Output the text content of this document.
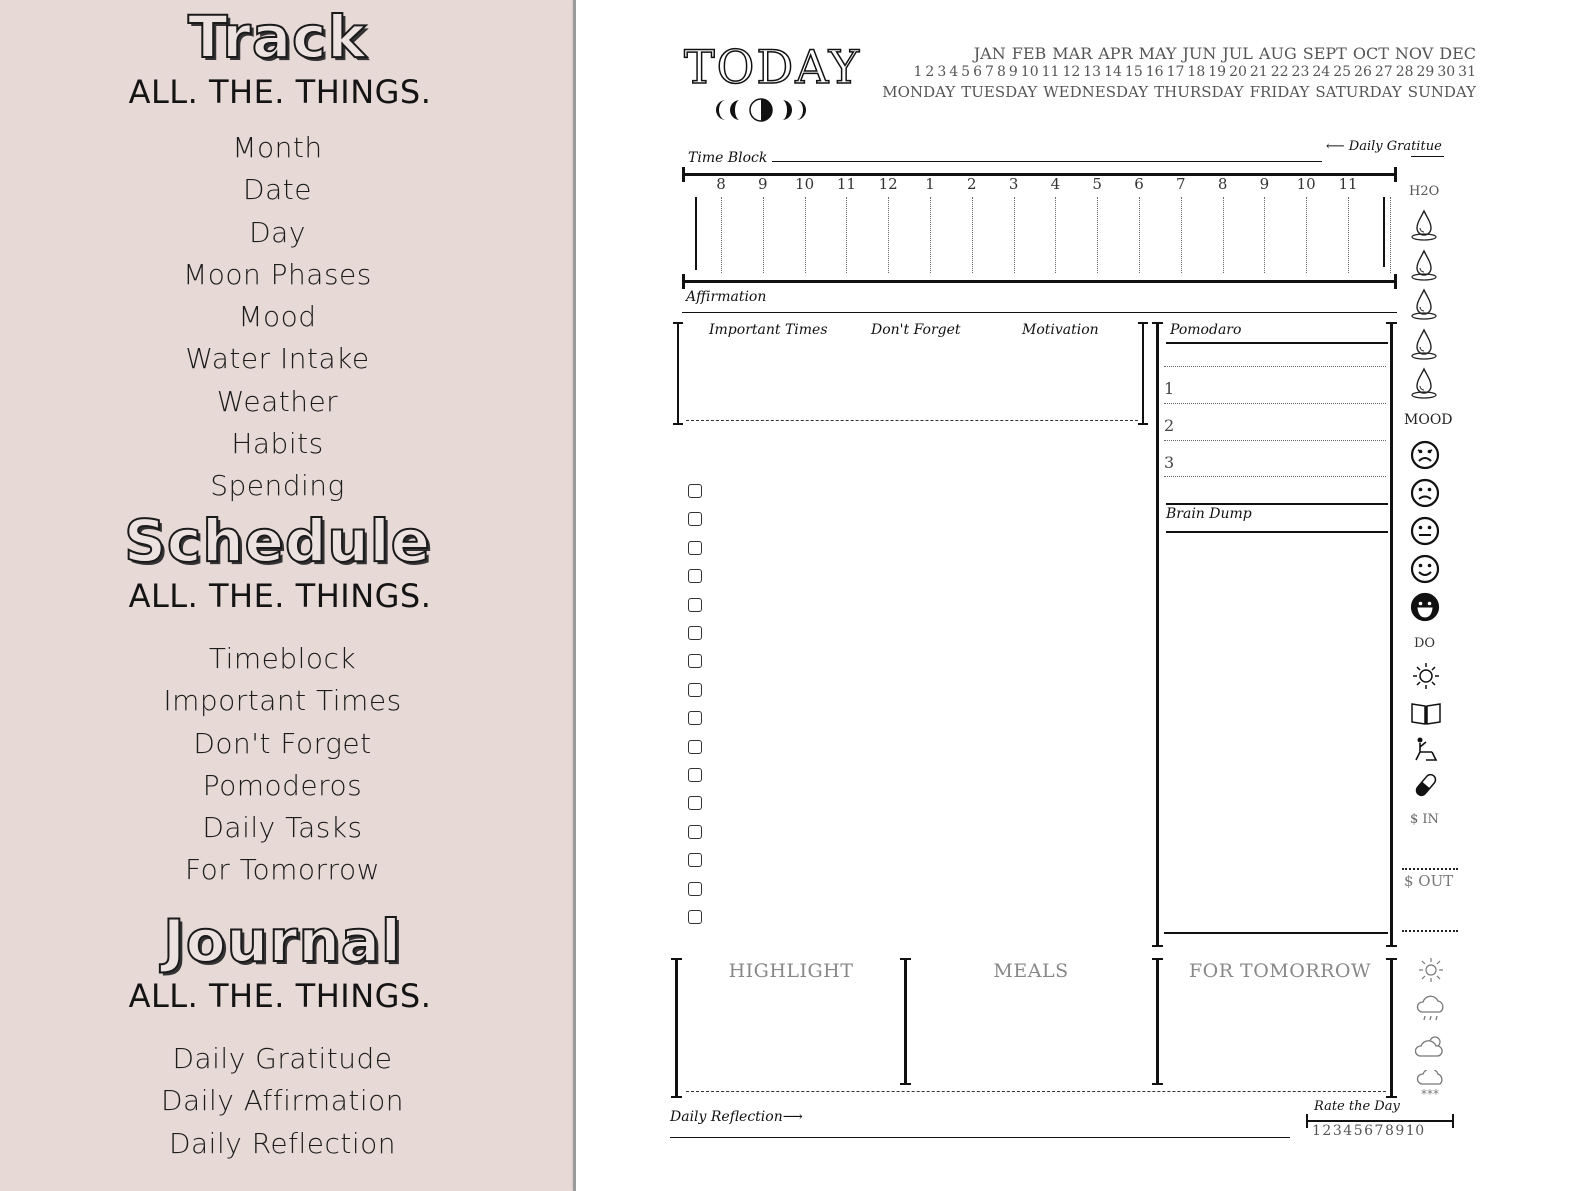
Track
ALL. THE. THINGS.
Month
Date
Day
Moon Phases
Mood
Water Intake
Weather
Habits
Spending
Schedule
ALL. THE. THINGS.
Timeblock
Important Times
Don't Forget
Pomoderos
Daily Tasks
For Tomorrow
Journal
ALL. THE. THINGS.
Daily Gratitude
Daily Affirmation
Daily Reflection
TODAY	JAN FEB MAR APR MAY JUN JUL AUG SEPT OCT NOV DEC
1 2 3 4 5 6 7 8 9 10 11 12 13 14 15 16 17 18 19 20 21 22 23 24 25 26 27 28 29 30 31
MONDAY TUESDAY WEDNESDAY THURSDAY FRIDAY SATURDAY SUNDAY
Time Block
⟵ Daily Gratitue
8	9	10 11 12	1	2	3	4	5	6	7	8	9	10 11
Affirmation
Important Times	Don't Forget	Motivation	Pomodaro
1
2
3
Brain Dump
H2O
MOOD
DO
$ IN
$ OUT
***
HIGHLIGHT	MEALS	FOR TOMORROW
Daily Reflection⟶
Rate the Day
12345678910
